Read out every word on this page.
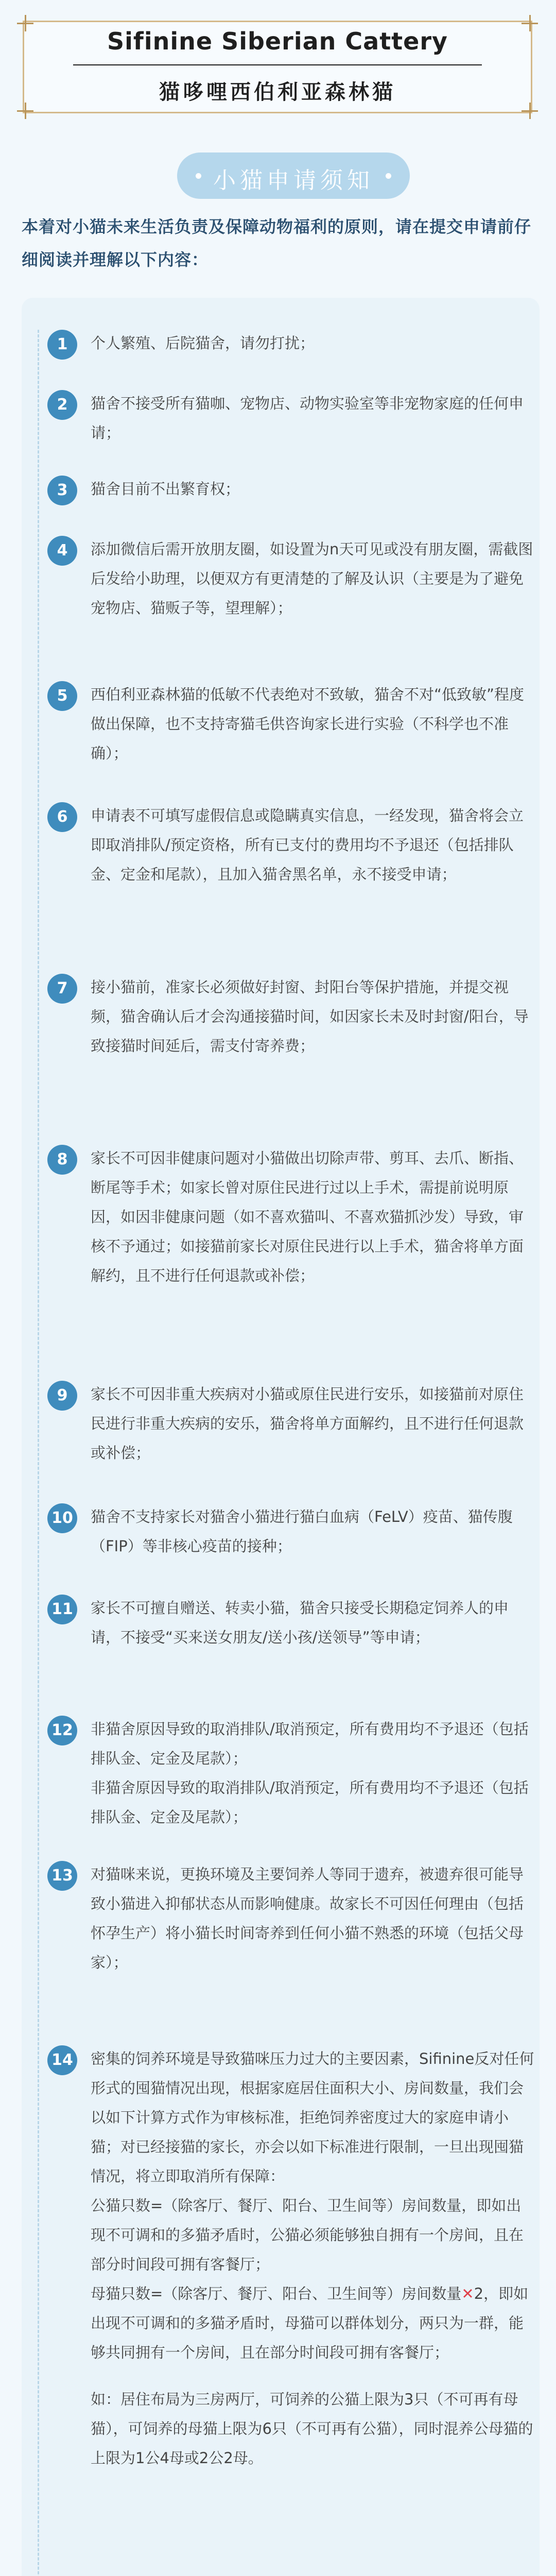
Sifinine Siberian Cattery
猫哆哩西伯利亚森林猫
小猫申请须知
本着对小猫未来生活负责及保障动物福利的原则，请在提交申请前仔细阅读并理解以下内容：
1	个人繁殖、后院猫舍，请勿打扰；

2	猫舍不接受所有猫咖、宠物店、动物实验室等非宠物家庭的任何申请；

3	猫舍目前不出繁育权；

4	添加微信后需开放朋友圈，如设置为n天可见或没有朋友圈，需截图后发给小助理，以便双方有更清楚的了解及认识（主要是为了避免宠物店、猫贩子等，望理解）；

5	西伯利亚森林猫的低敏不代表绝对不致敏，猫舍不对“低致敏”程度做出保障，也不支持寄猫毛供咨询家长进行实验（不科学也不准确）；

6	申请表不可填写虚假信息或隐瞒真实信息，一经发现，猫舍将会立即取消排队/预定资格，所有已支付的费用均不予退还（包括排队金、定金和尾款），且加入猫舍黑名单，永不接受申请；

7	接小猫前，准家长必须做好封窗、封阳台等保护措施，并提交视频，猫舍确认后才会沟通接猫时间，如因家长未及时封窗/阳台，导致接猫时间延后，需支付寄养费；

8	家长不可因非健康问题对小猫做出切除声带、剪耳、去爪、断指、断尾等手术；如家长曾对原住民进行过以上手术，需提前说明原因，如因非健康问题（如不喜欢猫叫、不喜欢猫抓沙发）导致，审核不予通过；如接猫前家长对原住民进行以上手术，猫舍将单方面解约，且不进行任何退款或补偿；

9	家长不可因非重大疾病对小猫或原住民进行安乐，如接猫前对原住民进行非重大疾病的安乐，猫舍将单方面解约，且不进行任何退款或补偿；

10 猫舍不支持家长对猫舍小猫进行猫白血病（FeLV）疫苗、猫传腹（FIP）等非核心疫苗的接种；

11 家长不可擅自赠送、转卖小猫，猫舍只接受长期稳定饲养人的申请，不接受“买来送女朋友/送小孩/送领导”等申请；

12 非猫舍原因导致的取消排队/取消预定，所有费用均不予退还（包括排队金、定金及尾款）；

非猫舍原因导致的取消排队/取消预定，所有费用均不予退还（包括排队金、定金及尾款）；

13 对猫咪来说，更换环境及主要饲养人等同于遗弃，被遗弃很可能导致小猫进入抑郁状态从而影响健康。故家长不可因任何理由（包括怀孕生产）将小猫长时间寄养到任何小猫不熟悉的环境（包括父母家）；

14 密集的饲养环境是导致猫咪压力过大的主要因素，Sifinine反对任何形式的囤猫情况出现，根据家庭居住面积大小、房间数量，我们会以如下计算方式作为审核标准，拒绝饲养密度过大的家庭申请小猫；对已经接猫的家长，亦会以如下标准进行限制，一旦出现囤猫情况，将立即取消所有保障：

公猫只数=（除客厅、餐厅、阳台、卫生间等）房间数量，即如出现不可调和的多猫矛盾时，公猫必须能够独自拥有一个房间，且在部分时间段可拥有客餐厅；

母猫只数=（除客厅、餐厅、阳台、卫生间等）房间数量✕2，即如出现不可调和的多猫矛盾时，母猫可以群体划分，两只为一群，能够共同拥有一个房间，且在部分时间段可拥有客餐厅；

如：居住布局为三房两厅，可饲养的公猫上限为3只（不可再有母猫），可饲养的母猫上限为6只（不可再有公猫），同时混养公母猫的上限为1公4母或2公2母。
